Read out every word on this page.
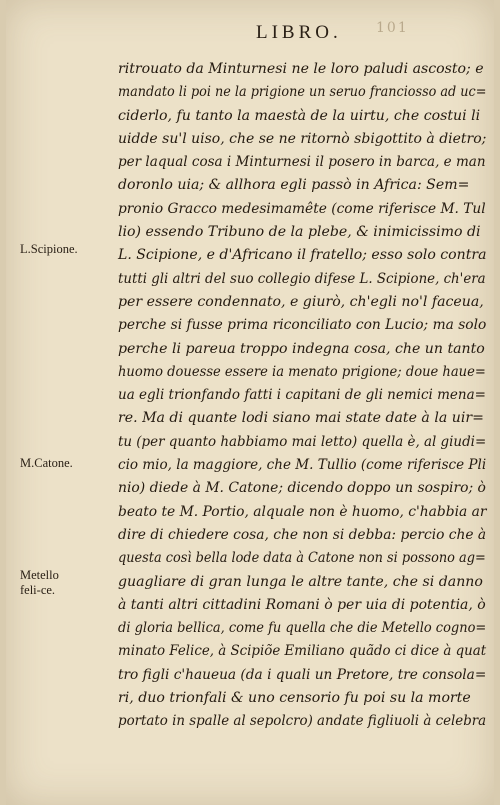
101
LIBRO.
L.Scipione.
M.Catone.
Metello feli-ce.
ritrouato da Minturnesi ne le loro paludi ascosto; e
mandato li poi ne la prigione un seruo franciosso ad uc=
ciderlo, fu tanto la maestà de la uirtu, che costui li
uidde su'l uiso, che se ne ritornò sbigottito à dietro;
per laqual cosa i Minturnesi il posero in barca, e man
doronlo uia; & allhora egli passò in Africa: Sem=
pronio Gracco medesimamête (come riferisce M. Tul
lio) essendo Tribuno de la plebe, & inimicissimo di
L. Scipione, e d'Africano il fratello; esso solo contra
tutti gli altri del suo collegio difese L. Scipione, ch'era
per essere condennato, e giurò, ch'egli no'l faceua,
perche si fusse prima riconciliato con Lucio; ma solo
perche li pareua troppo indegna cosa, che un tanto
huomo douesse essere ia menato prigione; doue haue=
ua egli trionfando fatti i capitani de gli nemici mena=
re. Ma di quante lodi siano mai state date à la uir=
tu (per quanto habbiamo mai letto) quella è, al giudi=
cio mio, la maggiore, che M. Tullio (come riferisce Pli
nio) diede à M. Catone; dicendo doppo un sospiro; ò
beato te M. Portio, alquale non è huomo, c'habbia ar
dire di chiedere cosa, che non si debba: percio che à
questa così bella lode data à Catone non si possono ag=
guagliare di gran lunga le altre tante, che si danno
à tanti altri cittadini Romani ò per uia di potentia, ò
di gloria bellica, come fu quella che die Metello cogno=
minato Felice, à Scipiõe Emiliano quãdo ci dice à quat
tro figli c'haueua (da i quali un Pretore, tre consola=
ri, duo trionfali & uno censorio fu poi su la morte
portato in spalle al sepolcro) andate figliuoli à celebra
